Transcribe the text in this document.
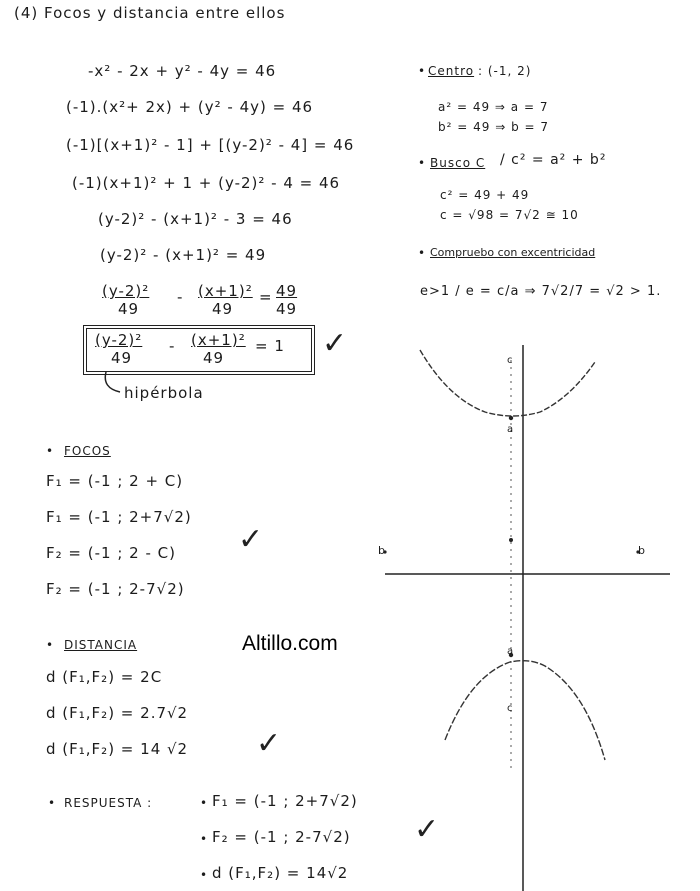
(4) Focos y distancia entre ellos
-x² - 2x + y² - 4y = 46
(-1).(x²+ 2x) + (y² - 4y) = 46
(-1)[(x+1)² - 1] + [(y-2)² - 4] = 46
(-1)(x+1)² + 1 + (y-2)² - 4 = 46
(y-2)² - (x+1)² - 3 = 46
(y-2)² - (x+1)² = 49
(y-2)²
49
- (x+1)²
49
= 49
49
(y-2)²
49
- (x+1)²
49
= 1 ✓
hipérbola
• Centro : (-1, 2)
a² = 49 ⇒ a = 7
b² = 49 ⇒ b = 7
• Busco C / c² = a² + b²
c² = 49 + 49
c = √98 = 7√2 ≅ 10
• Compruebo con excentricidad
e>1 / e = c/a ⇒ 7√2/7 = √2 > 1.
• FOCOS
F₁ = (-1 ; 2 + C)
F₁ = (-1 ; 2+7√2)
F₂ = (-1 ; 2 - C)
F₂ = (-1 ; 2-7√2)
✓
Altillo.com
• DISTANCIA
d (F₁,F₂) = 2C
d (F₁,F₂) = 2.7√2
d (F₁,F₂) = 14 √2 ✓
• RESPUESTA :	• F₁ = (-1 ; 2+7√2)
• F₂ = (-1 ; 2-7√2)
• d (F₁,F₂) = 14√2
✓
b	b
a
a
c
c
